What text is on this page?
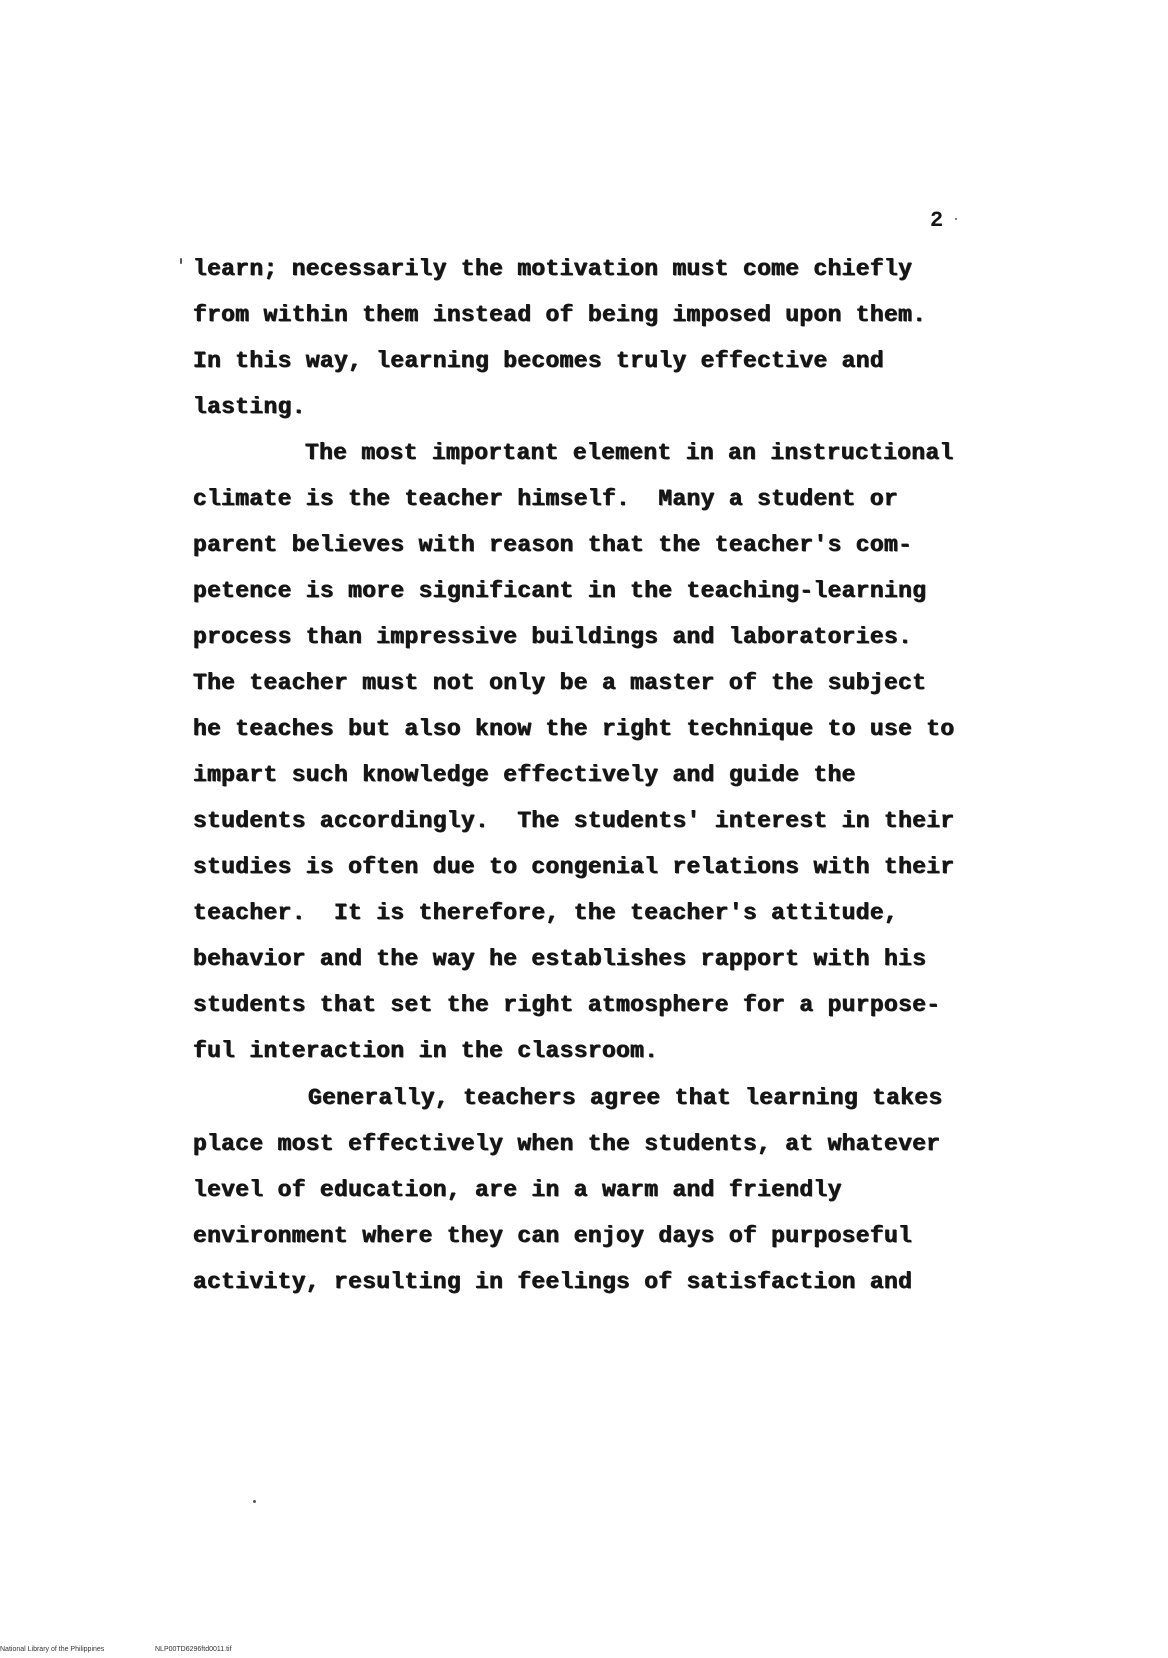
2
learn; necessarily the motivation must come chiefly
from within them instead of being imposed upon them.
In this way, learning becomes truly effective and
lasting.
The most important element in an instructional
climate is the teacher himself.  Many a student or
parent believes with reason that the teacher's com-
petence is more significant in the teaching-learning
process than impressive buildings and laboratories.
The teacher must not only be a master of the subject
he teaches but also know the right technique to use to
impart such knowledge effectively and guide the
students accordingly.  The students' interest in their
studies is often due to congenial relations with their
teacher.  It is therefore, the teacher's attitude,
behavior and the way he establishes rapport with his
students that set the right atmosphere for a purpose-
ful interaction in the classroom.
Generally, teachers agree that learning takes
place most effectively when the students, at whatever
level of education, are in a warm and friendly
environment where they can enjoy days of purposeful
activity, resulting in feelings of satisfaction and
National Library of the Philippines	NLP00TD6296ftd0011.tif
